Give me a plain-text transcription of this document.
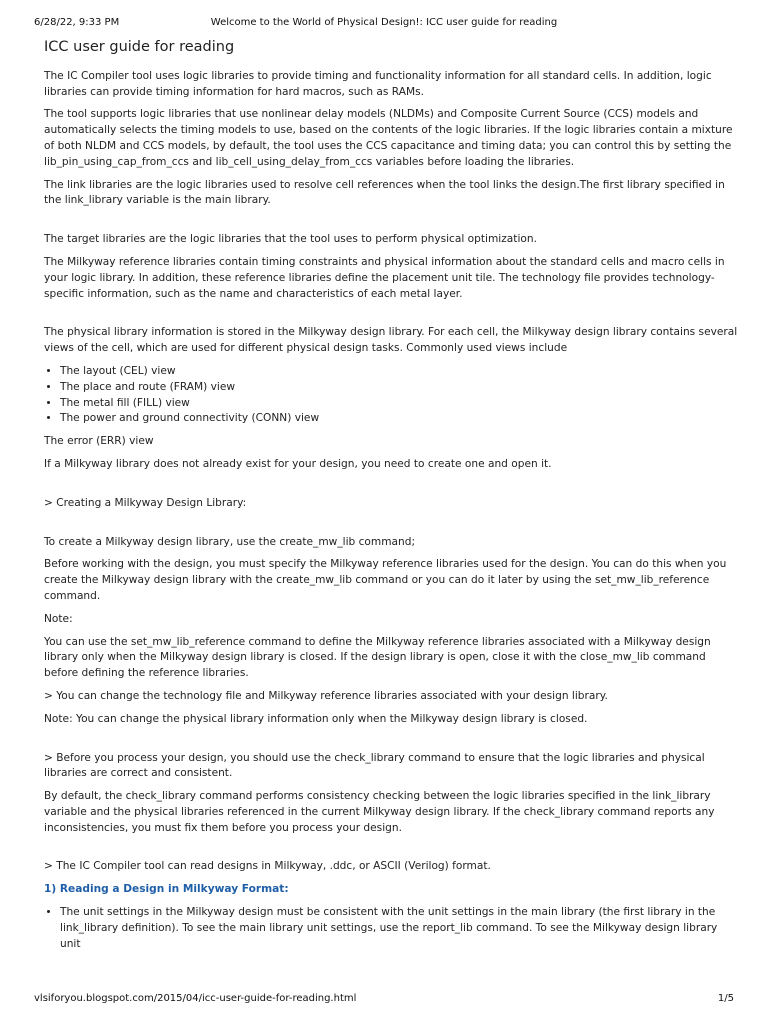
6/28/22, 9:33 PM	Welcome to the World of Physical Design!: ICC user guide for reading
ICC user guide for reading

The IC Compiler tool uses logic libraries to provide timing and functionality information for all standard cells. In addition, logic libraries can provide timing information for hard macros, such as RAMs.

The tool supports logic libraries that use nonlinear delay models (NLDMs) and Composite Current Source (CCS) models and automatically selects the timing models to use, based on the contents of the logic libraries. If the logic libraries contain a mixture of both NLDM and CCS models, by default, the tool uses the CCS capacitance and timing data; you can control this by setting the lib_pin_using_cap_from_ccs and lib_cell_using_delay_from_ccs variables before loading the libraries.

The link libraries are the logic libraries used to resolve cell references when the tool links the design.The first library specified in the link_library variable is the main library.

The target libraries are the logic libraries that the tool uses to perform physical optimization.

The Milkyway reference libraries contain timing constraints and physical information about the standard cells and macro cells in your logic library. In addition, these reference libraries define the placement unit tile. The technology file provides technology-specific information, such as the name and characteristics of each metal layer.

The physical library information is stored in the Milkyway design library. For each cell, the Milkyway design library contains several views of the cell, which are used for different physical design tasks. Commonly used views include

• The layout (CEL) view
• The place and route (FRAM) view
• The metal fill (FILL) view
• The power and ground connectivity (CONN) view

The error (ERR) view

If a Milkyway library does not already exist for your design, you need to create one and open it.

> Creating a Milkyway Design Library:

To create a Milkyway design library, use the create_mw_lib command;

Before working with the design, you must specify the Milkyway reference libraries used for the design. You can do this when you create the Milkyway design library with the create_mw_lib command or you can do it later by using the set_mw_lib_reference command.

Note:

You can use the set_mw_lib_reference command to define the Milkyway reference libraries associated with a Milkyway design library only when the Milkyway design library is closed. If the design library is open, close it with the close_mw_lib command before defining the reference libraries.

> You can change the technology file and Milkyway reference libraries associated with your design library.

Note: You can change the physical library information only when the Milkyway design library is closed.

> Before you process your design, you should use the check_library command to ensure that the logic libraries and physical libraries are correct and consistent.

By default, the check_library command performs consistency checking between the logic libraries specified in the link_library variable and the physical libraries referenced in the current Milkyway design library. If the check_library command reports any inconsistencies, you must fix them before you process your design.

> The IC Compiler tool can read designs in Milkyway, .ddc, or ASCII (Verilog) format.

1) Reading a Design in Milkyway Format:
• The unit settings in the Milkyway design must be consistent with the unit settings in the main library (the first library in the link_library definition). To see the main library unit settings, use the report_lib command. To see the Milkyway design library unit
vlsiforyou.blogspot.com/2015/04/icc-user-guide-for-reading.html	1/5
